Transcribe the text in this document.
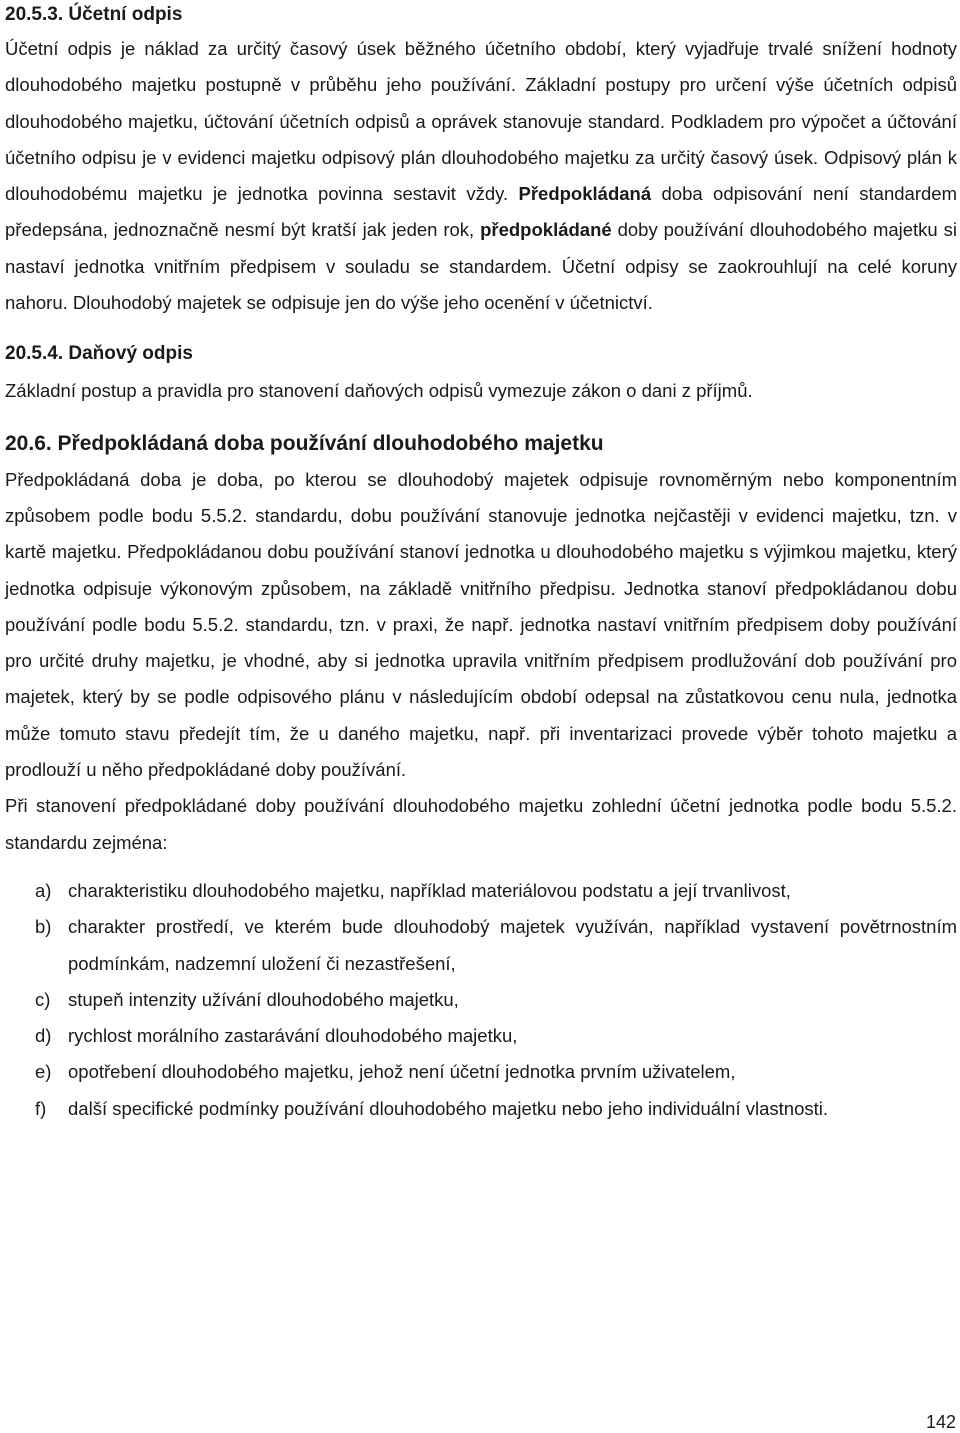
20.5.3. Účetní odpis

Účetní odpis je náklad za určitý časový úsek běžného účetního období, který vyjadřuje trvalé snížení hodnoty dlouhodobého majetku postupně v průběhu jeho používání. Základní postupy pro určení výše účetních odpisů dlouhodobého majetku, účtování účetních odpisů a oprávek stanovuje standard. Podkladem pro výpočet a účtování účetního odpisu je v evidenci majetku odpisový plán dlouhodobého majetku za určitý časový úsek. Odpisový plán k dlouhodobému majetku je jednotka povinna sestavit vždy. Předpokládaná doba odpisování není standardem předepsána, jednoznačně nesmí být kratší jak jeden rok, předpokládané doby používání dlouhodobého majetku si nastaví jednotka vnitřním předpisem v souladu se standardem. Účetní odpisy se zaokrouhlují na celé koruny nahoru. Dlouhodobý majetek se odpisuje jen do výše jeho ocenění v účetnictví.

20.5.4. Daňový odpis

Základní postup a pravidla pro stanovení daňových odpisů vymezuje zákon o dani z příjmů.

20.6. Předpokládaná doba používání dlouhodobého majetku

Předpokládaná doba je doba, po kterou se dlouhodobý majetek odpisuje rovnoměrným nebo komponentním způsobem podle bodu 5.5.2. standardu, dobu používání stanovuje jednotka nejčastěji v evidenci majetku, tzn. v kartě majetku. Předpokládanou dobu používání stanoví jednotka u dlouhodobého majetku s výjimkou majetku, který jednotka odpisuje výkonovým způsobem, na základě vnitřního předpisu. Jednotka stanoví předpokládanou dobu používání podle bodu 5.5.2. standardu, tzn. v praxi, že např. jednotka nastaví vnitřním předpisem doby používání pro určité druhy majetku, je vhodné, aby si jednotka upravila vnitřním předpisem prodlužování dob používání pro majetek, který by se podle odpisového plánu v následujícím období odepsal na zůstatkovou cenu nula, jednotka může tomuto stavu předejít tím, že u daného majetku, např. při inventarizaci provede výběr tohoto majetku a prodlouží u něho předpokládané doby používání.

Při stanovení předpokládané doby používání dlouhodobého majetku zohlední účetní jednotka podle bodu 5.5.2. standardu zejména:

a) charakteristiku dlouhodobého majetku, například materiálovou podstatu a její trvanlivost,
b) charakter prostředí, ve kterém bude dlouhodobý majetek využíván, například vystavení povětrnostním podmínkám, nadzemní uložení či nezastřešení,
c) stupeň intenzity užívání dlouhodobého majetku,
d) rychlost morálního zastarávání dlouhodobého majetku,
e) opotřebení dlouhodobého majetku, jehož není účetní jednotka prvním uživatelem,
f) další specifické podmínky používání dlouhodobého majetku nebo jeho individuální vlastnosti.
142
